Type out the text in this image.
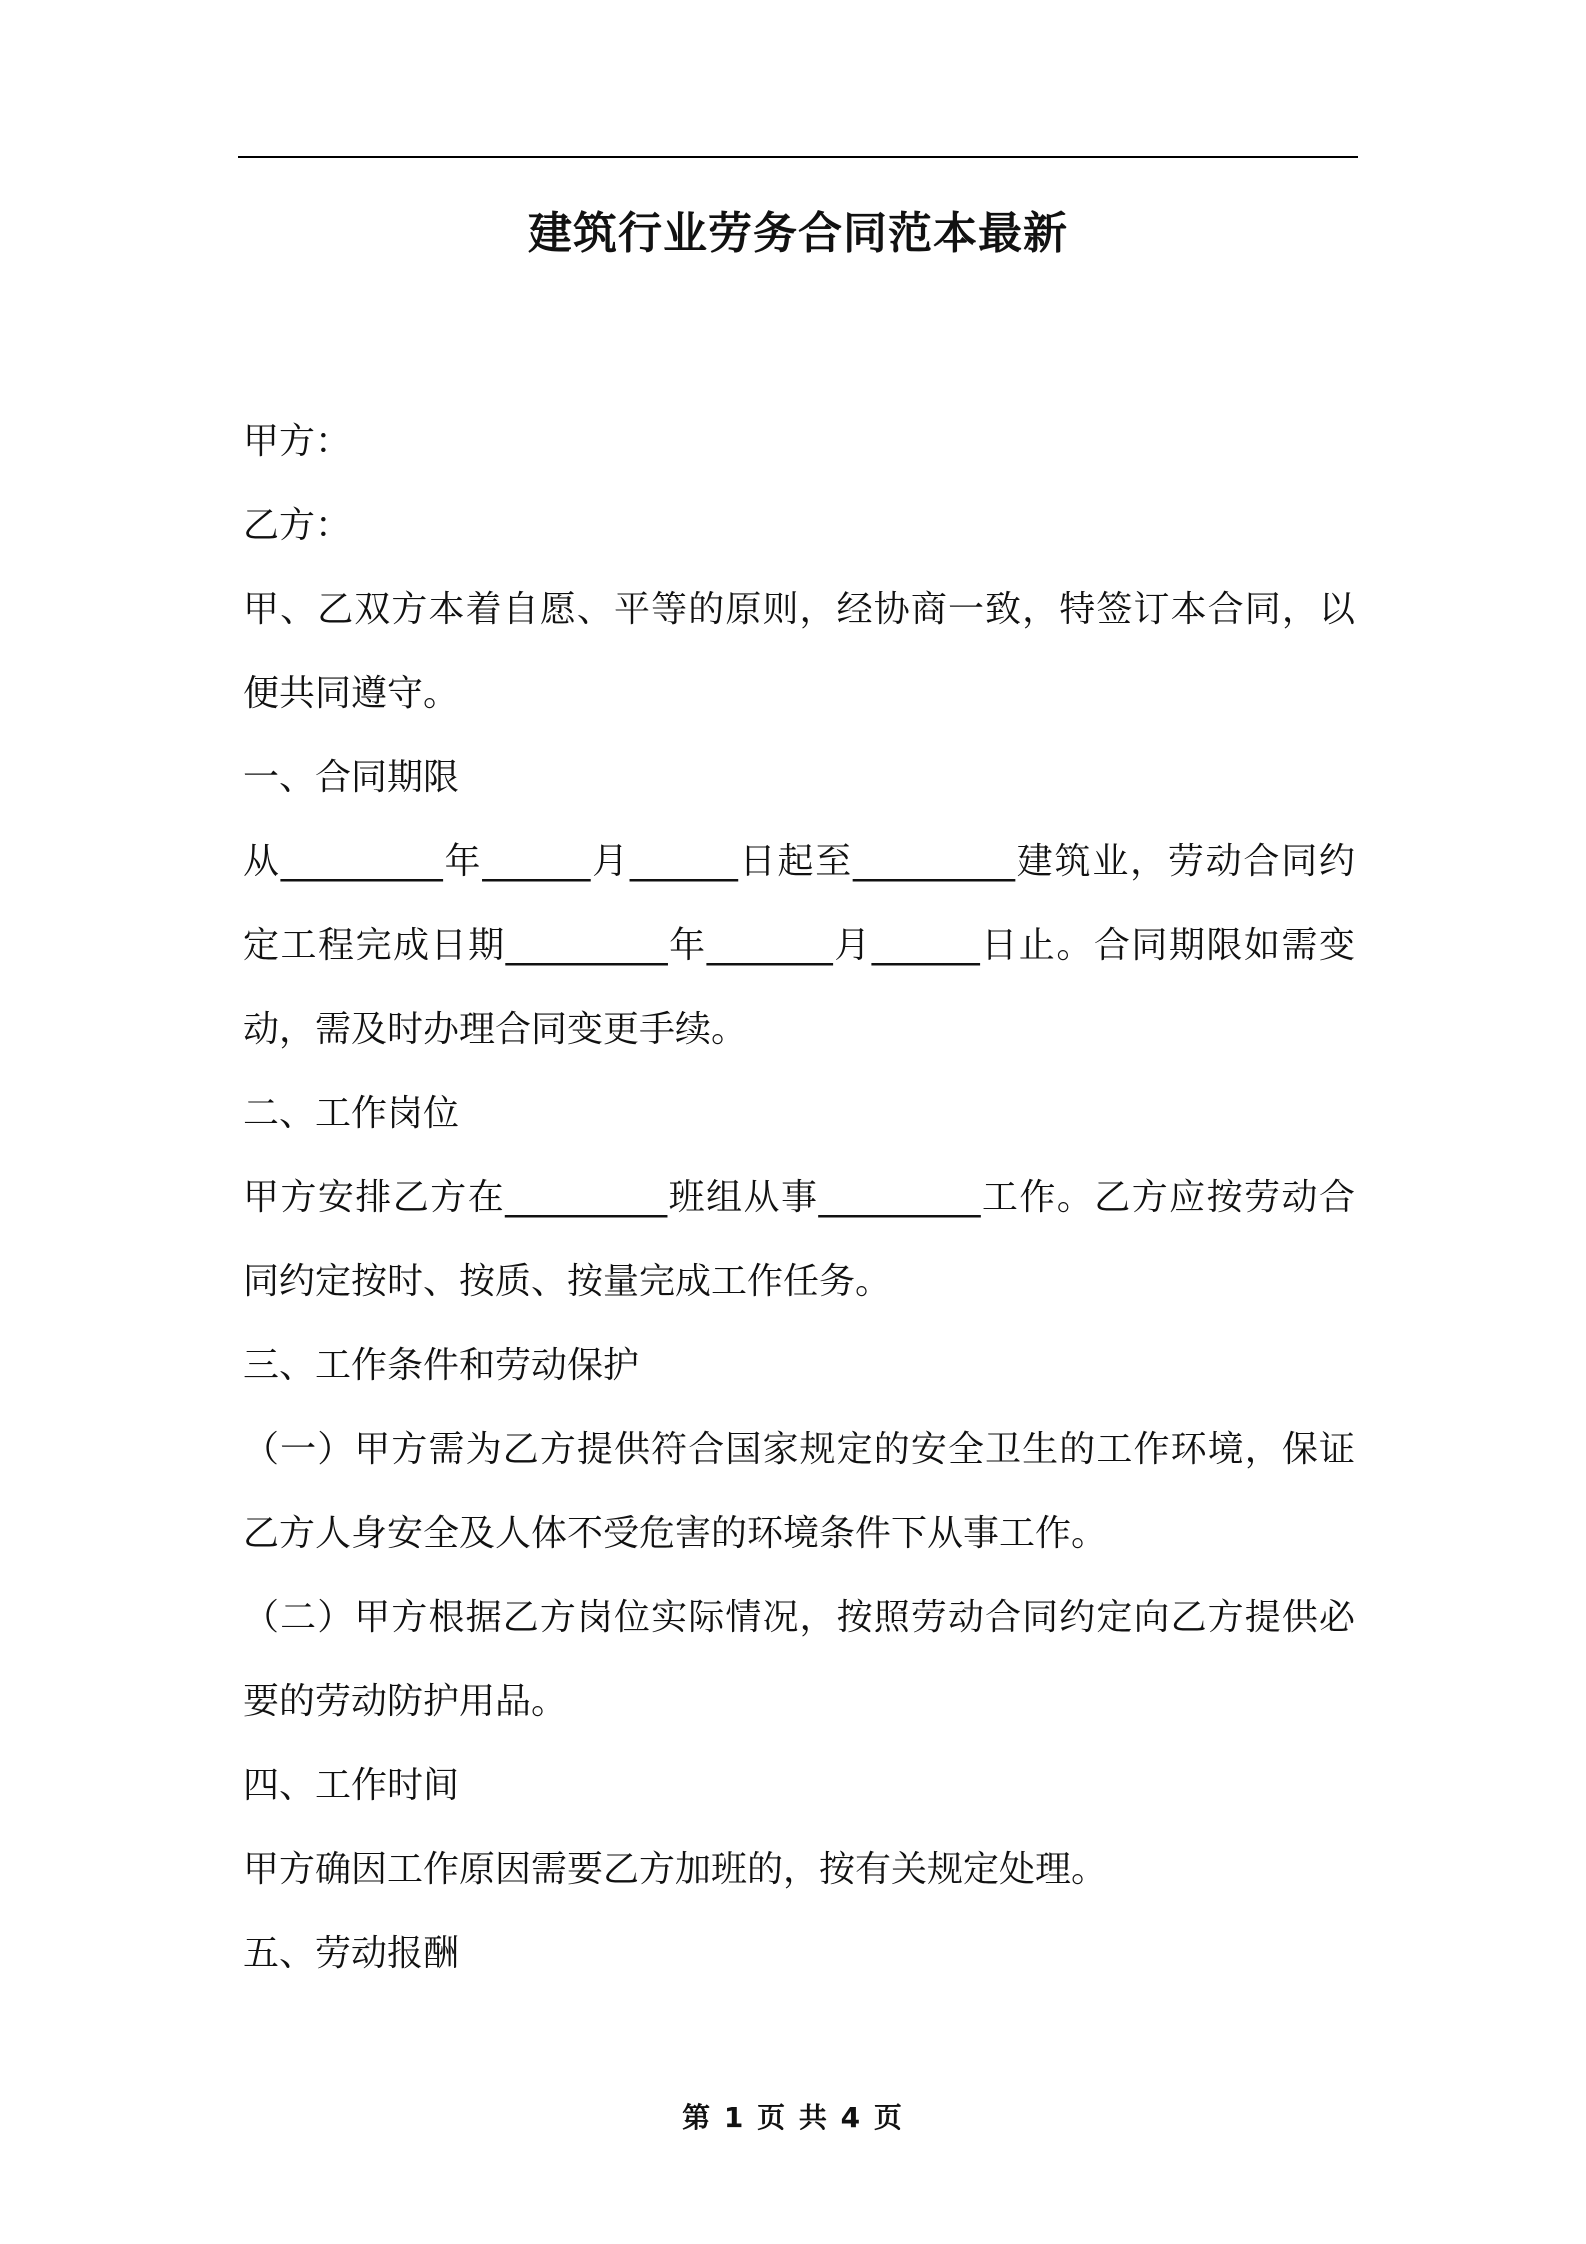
建筑行业劳务合同范本最新

甲方：

乙方：

甲、乙双方本着自愿、平等的原则，经协商一致，特签订本合同，以便共同遵守。

一、合同期限

从_________年______月______日起至_________建筑业，劳动合同约定工程完成日期_________年_______月______日止。合同期限如需变动，需及时办理合同变更手续。

二、工作岗位

甲方安排乙方在_________班组从事_________工作。乙方应按劳动合同约定按时、按质、按量完成工作任务。

三、工作条件和劳动保护

（一）甲方需为乙方提供符合国家规定的安全卫生的工作环境，保证乙方人身安全及人体不受危害的环境条件下从事工作。

（二）甲方根据乙方岗位实际情况，按照劳动合同约定向乙方提供必要的劳动防护用品。

四、工作时间

甲方确因工作原因需要乙方加班的，按有关规定处理。

五、劳动报酬

第 1 页 共 4 页
